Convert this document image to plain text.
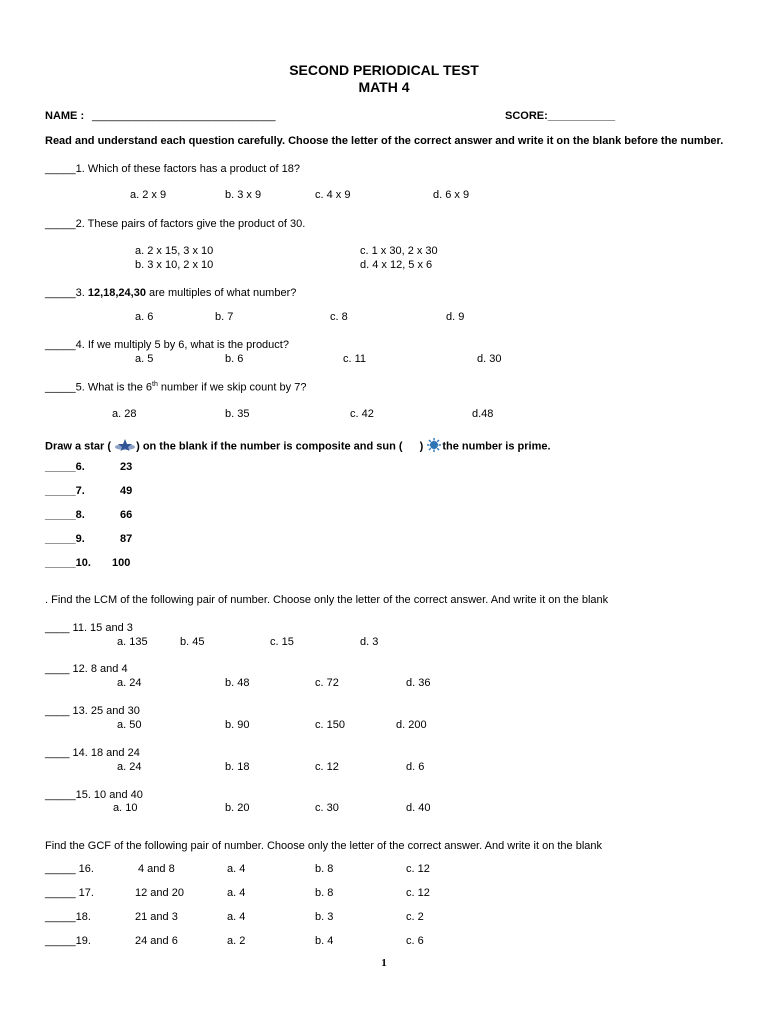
SECOND PERIODICAL TEST
MATH 4
NAME : ______________________________	SCORE:___________
Read and understand each question carefully. Choose the letter of the correct answer and write it on the blank before the number.
_____1. Which of these factors has a product of 18?
a. 2 x 9	b. 3 x 9	c. 4 x 9	d. 6 x 9
_____2. These pairs of factors give the product of 30.
a. 2 x 15, 3 x 10
b. 3 x 10, 2 x 10
c. 1 x 30, 2 x 30
d. 4 x 12, 5 x 6
_____3. 12,18,24,30 are multiples of what number?
a. 6	b. 7	c. 8	d. 9
_____4. If we multiply 5 by 6, what is the product?
a. 5	b. 6	c. 11	d. 30
_____5. What is the 6th number if we skip count by 7?
a. 28	b. 35	c. 42	d.48
Draw a star ( ) on the blank if the number is composite and sun ( ) the number is prime.
_____6.	23
_____7.	49
_____8.	66
_____9.	87
_____10. 100
. Find the LCM of the following pair of number. Choose only the letter of the correct answer. And write it on the blank
____ 11. 15 and 3
a. 135	b. 45	c. 15	d. 3
____ 12. 8 and 4
a. 24	b. 48	c. 72	d. 36
____ 13. 25 and 30
a. 50	b. 90	c. 150	d. 200
____ 14. 18 and 24
a. 24	b. 18	c. 12	d. 6
_____15. 10 and 40
a. 10	b. 20	c. 30	d. 40
Find the GCF of the following pair of number. Choose only the letter of the correct answer. And write it on the blank
_____ 16.	4 and 8	a. 4	b. 8	c. 12
_____ 17.	12 and 20	a. 4	b. 8	c. 12
_____18.	21 and 3	a. 4	b. 3	c. 2
_____19.	24 and 6	a. 2	b. 4	c. 6
1
